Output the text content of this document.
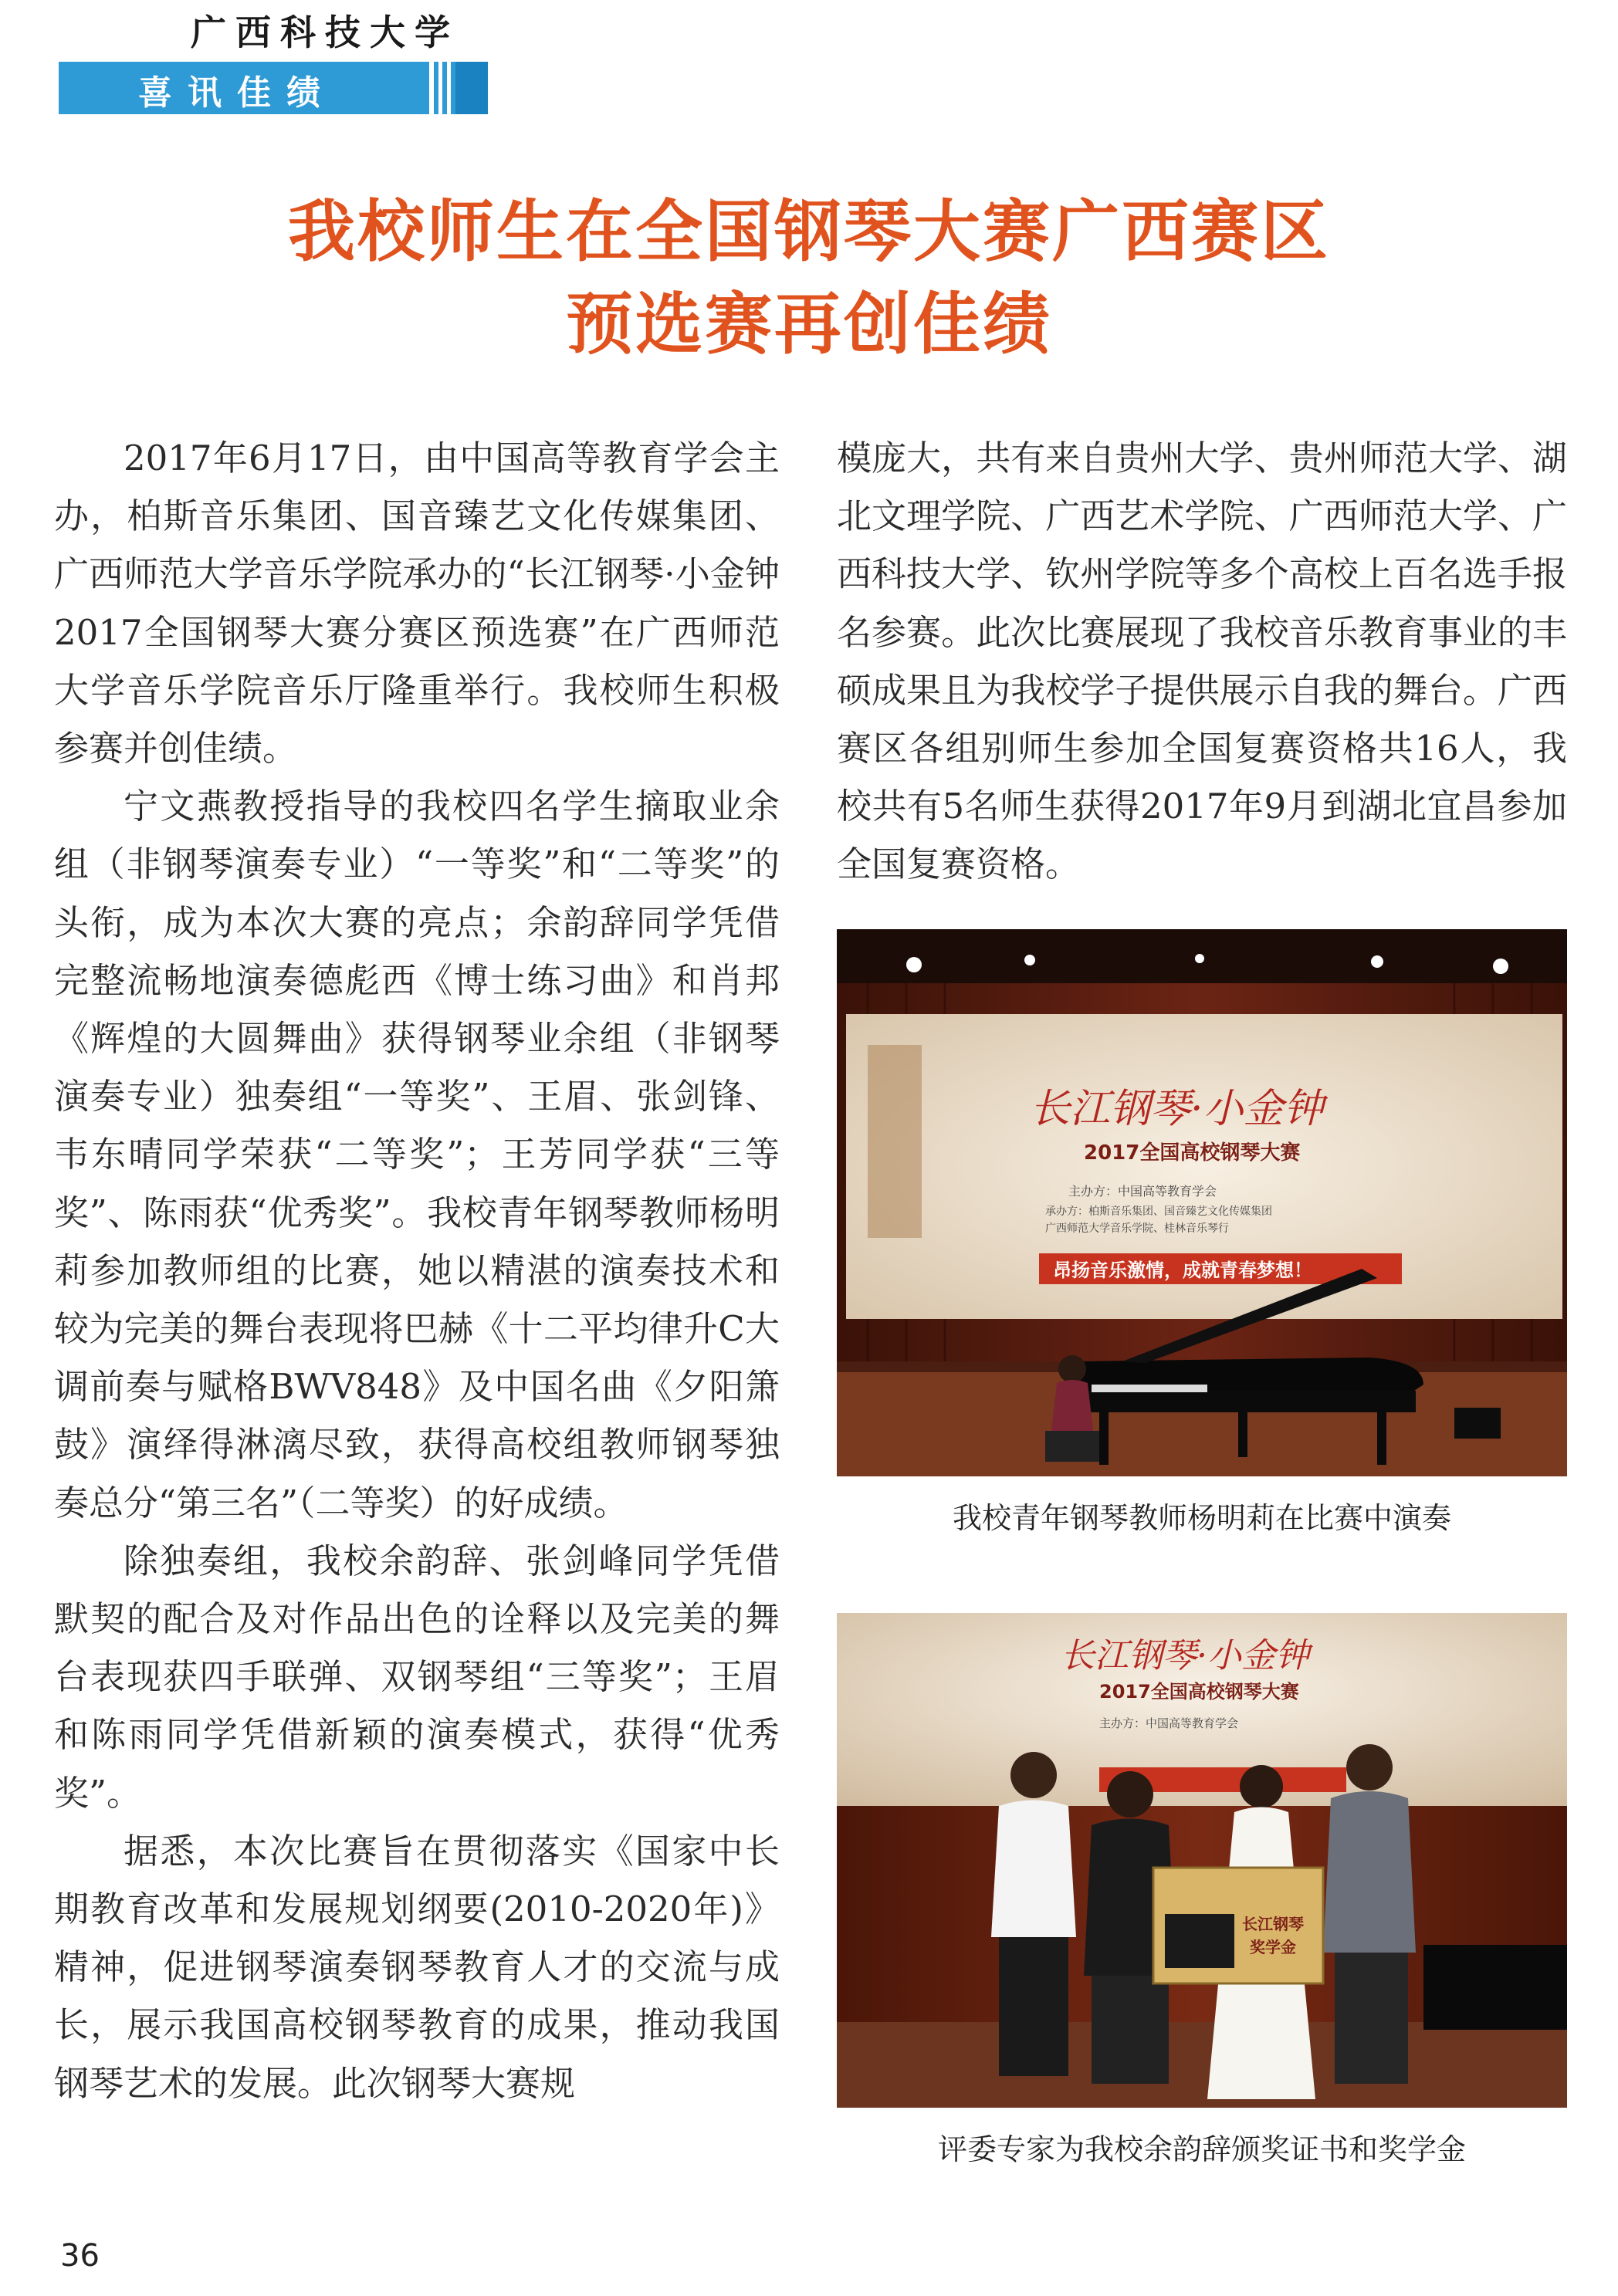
广西科技大学
喜讯佳绩
我校师生在全国钢琴大赛广西赛区
预选赛再创佳绩

2017年6月17日，由中国高等教育学会主办，柏斯音乐集团、国音臻艺文化传媒集团、广西师范大学音乐学院承办的“长江钢琴·小金钟2017全国钢琴大赛分赛区预选赛”在广西师范大学音乐学院音乐厅隆重举行。我校师生积极参赛并创佳绩。

宁文燕教授指导的我校四名学生摘取业余组（非钢琴演奏专业）“一等奖”和“二等奖”的头衔，成为本次大赛的亮点；余韵辞同学凭借完整流畅地演奏德彪西《博士练习曲》和肖邦《辉煌的大圆舞曲》获得钢琴业余组（非钢琴演奏专业）独奏组“一等奖”、王眉、张剑锋、韦东晴同学荣获“二等奖”；王芳同学获“三等奖”、陈雨获“优秀奖”。我校青年钢琴教师杨明莉参加教师组的比赛，她以精湛的演奏技术和较为完美的舞台表现将巴赫《十二平均律升C大调前奏与赋格BWV848》及中国名曲《夕阳箫鼓》演绎得淋漓尽致，获得高校组教师钢琴独奏总分“第三名”（二等奖）的好成绩。

除独奏组，我校余韵辞、张剑峰同学凭借默契的配合及对作品出色的诠释以及完美的舞台表现获四手联弹、双钢琴组“三等奖”；王眉和陈雨同学凭借新颖的演奏模式，获得“优秀奖”。

据悉，本次比赛旨在贯彻落实《国家中长期教育改革和发展规划纲要(2010-2020年)》精神，促进钢琴演奏钢琴教育人才的交流与成长，展示我国高校钢琴教育的成果，推动我国钢琴艺术的发展。此次钢琴大赛规

模庞大，共有来自贵州大学、贵州师范大学、湖北文理学院、广西艺术学院、广西师范大学、广西科技大学、钦州学院等多个高校上百名选手报名参赛。此次比赛展现了我校音乐教育事业的丰硕成果且为我校学子提供展示自我的舞台。广西赛区各组别师生参加全国复赛资格共16人，我校共有5名师生获得2017年9月到湖北宜昌参加全国复赛资格。

长江钢琴·小金钟
2017全国高校钢琴大赛
主办方：中国高等教育学会
承办方：柏斯音乐集团、国音臻艺文化传媒集团
广西师范大学音乐学院、桂林音乐琴行
昂扬音乐激情，成就青春梦想！
我校青年钢琴教师杨明莉在比赛中演奏
长江钢琴·小金钟
2017全国高校钢琴大赛
主办方：中国高等教育学会
长江钢琴
奖学金
评委专家为我校余韵辞颁奖证书和奖学金
36
